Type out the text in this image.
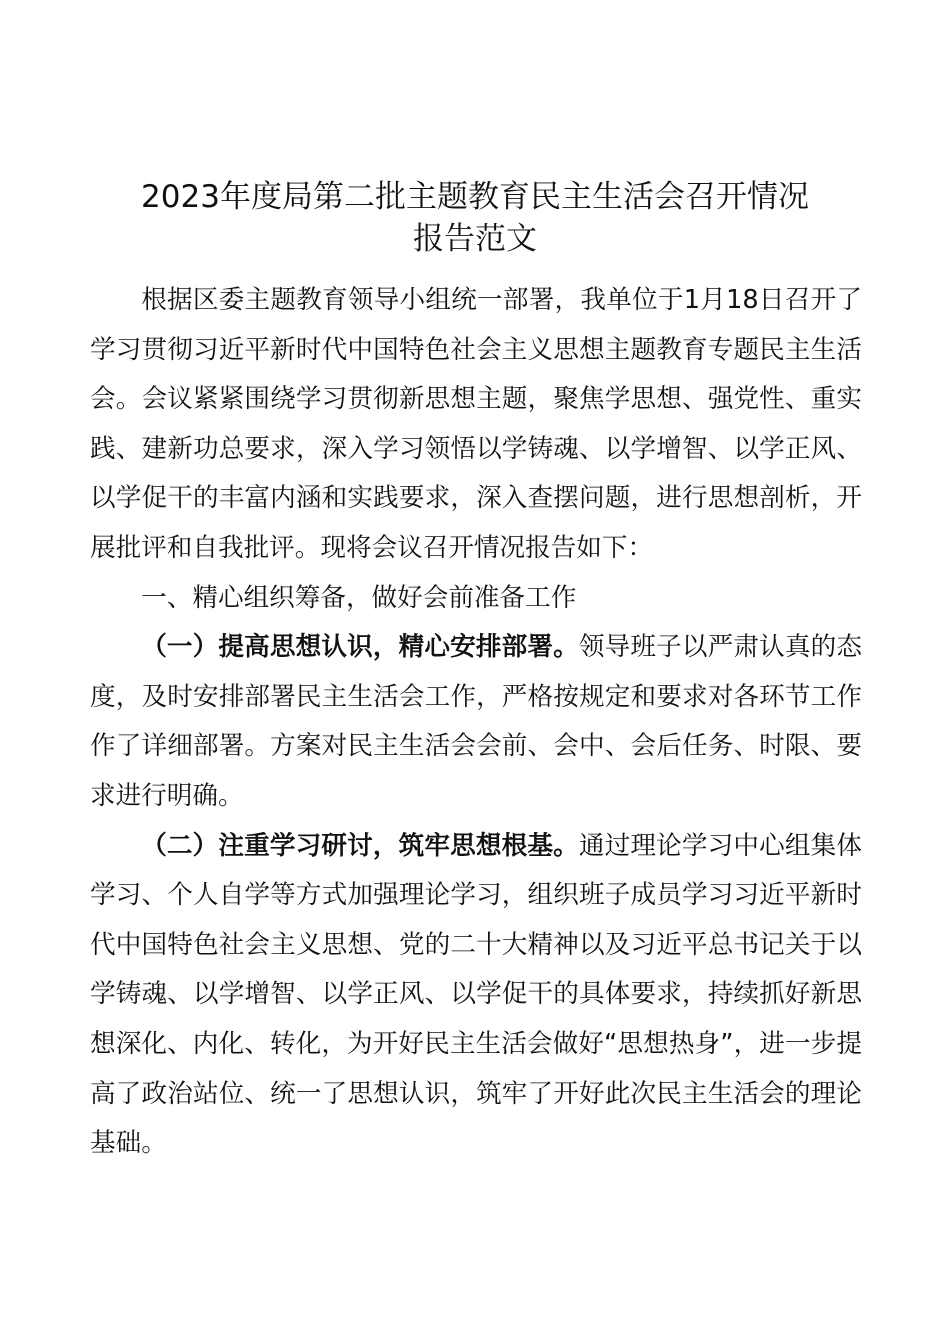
2023年度局第二批主题教育民主生活会召开情况
报告范文

根据区委主题教育领导小组统一部署，我单位于1月18日召开了学习贯彻习近平新时代中国特色社会主义思想主题教育专题民主生活会。会议紧紧围绕学习贯彻新思想主题，聚焦学思想、强党性、重实践、建新功总要求，深入学习领悟以学铸魂、以学增智、以学正风、以学促干的丰富内涵和实践要求，深入查摆问题，进行思想剖析，开展批评和自我批评。现将会议召开情况报告如下：

一、精心组织筹备，做好会前准备工作

（一）提高思想认识，精心安排部署。领导班子以严肃认真的态度，及时安排部署民主生活会工作，严格按规定和要求对各环节工作作了详细部署。方案对民主生活会会前、会中、会后任务、时限、要求进行明确。

（二）注重学习研讨，筑牢思想根基。通过理论学习中心组集体学习、个人自学等方式加强理论学习，组织班子成员学习习近平新时代中国特色社会主义思想、党的二十大精神以及习近平总书记关于以学铸魂、以学增智、以学正风、以学促干的具体要求，持续抓好新思想深化、内化、转化，为开好民主生活会做好“思想热身”，进一步提高了政治站位、统一了思想认识，筑牢了开好此次民主生活会的理论基础。
